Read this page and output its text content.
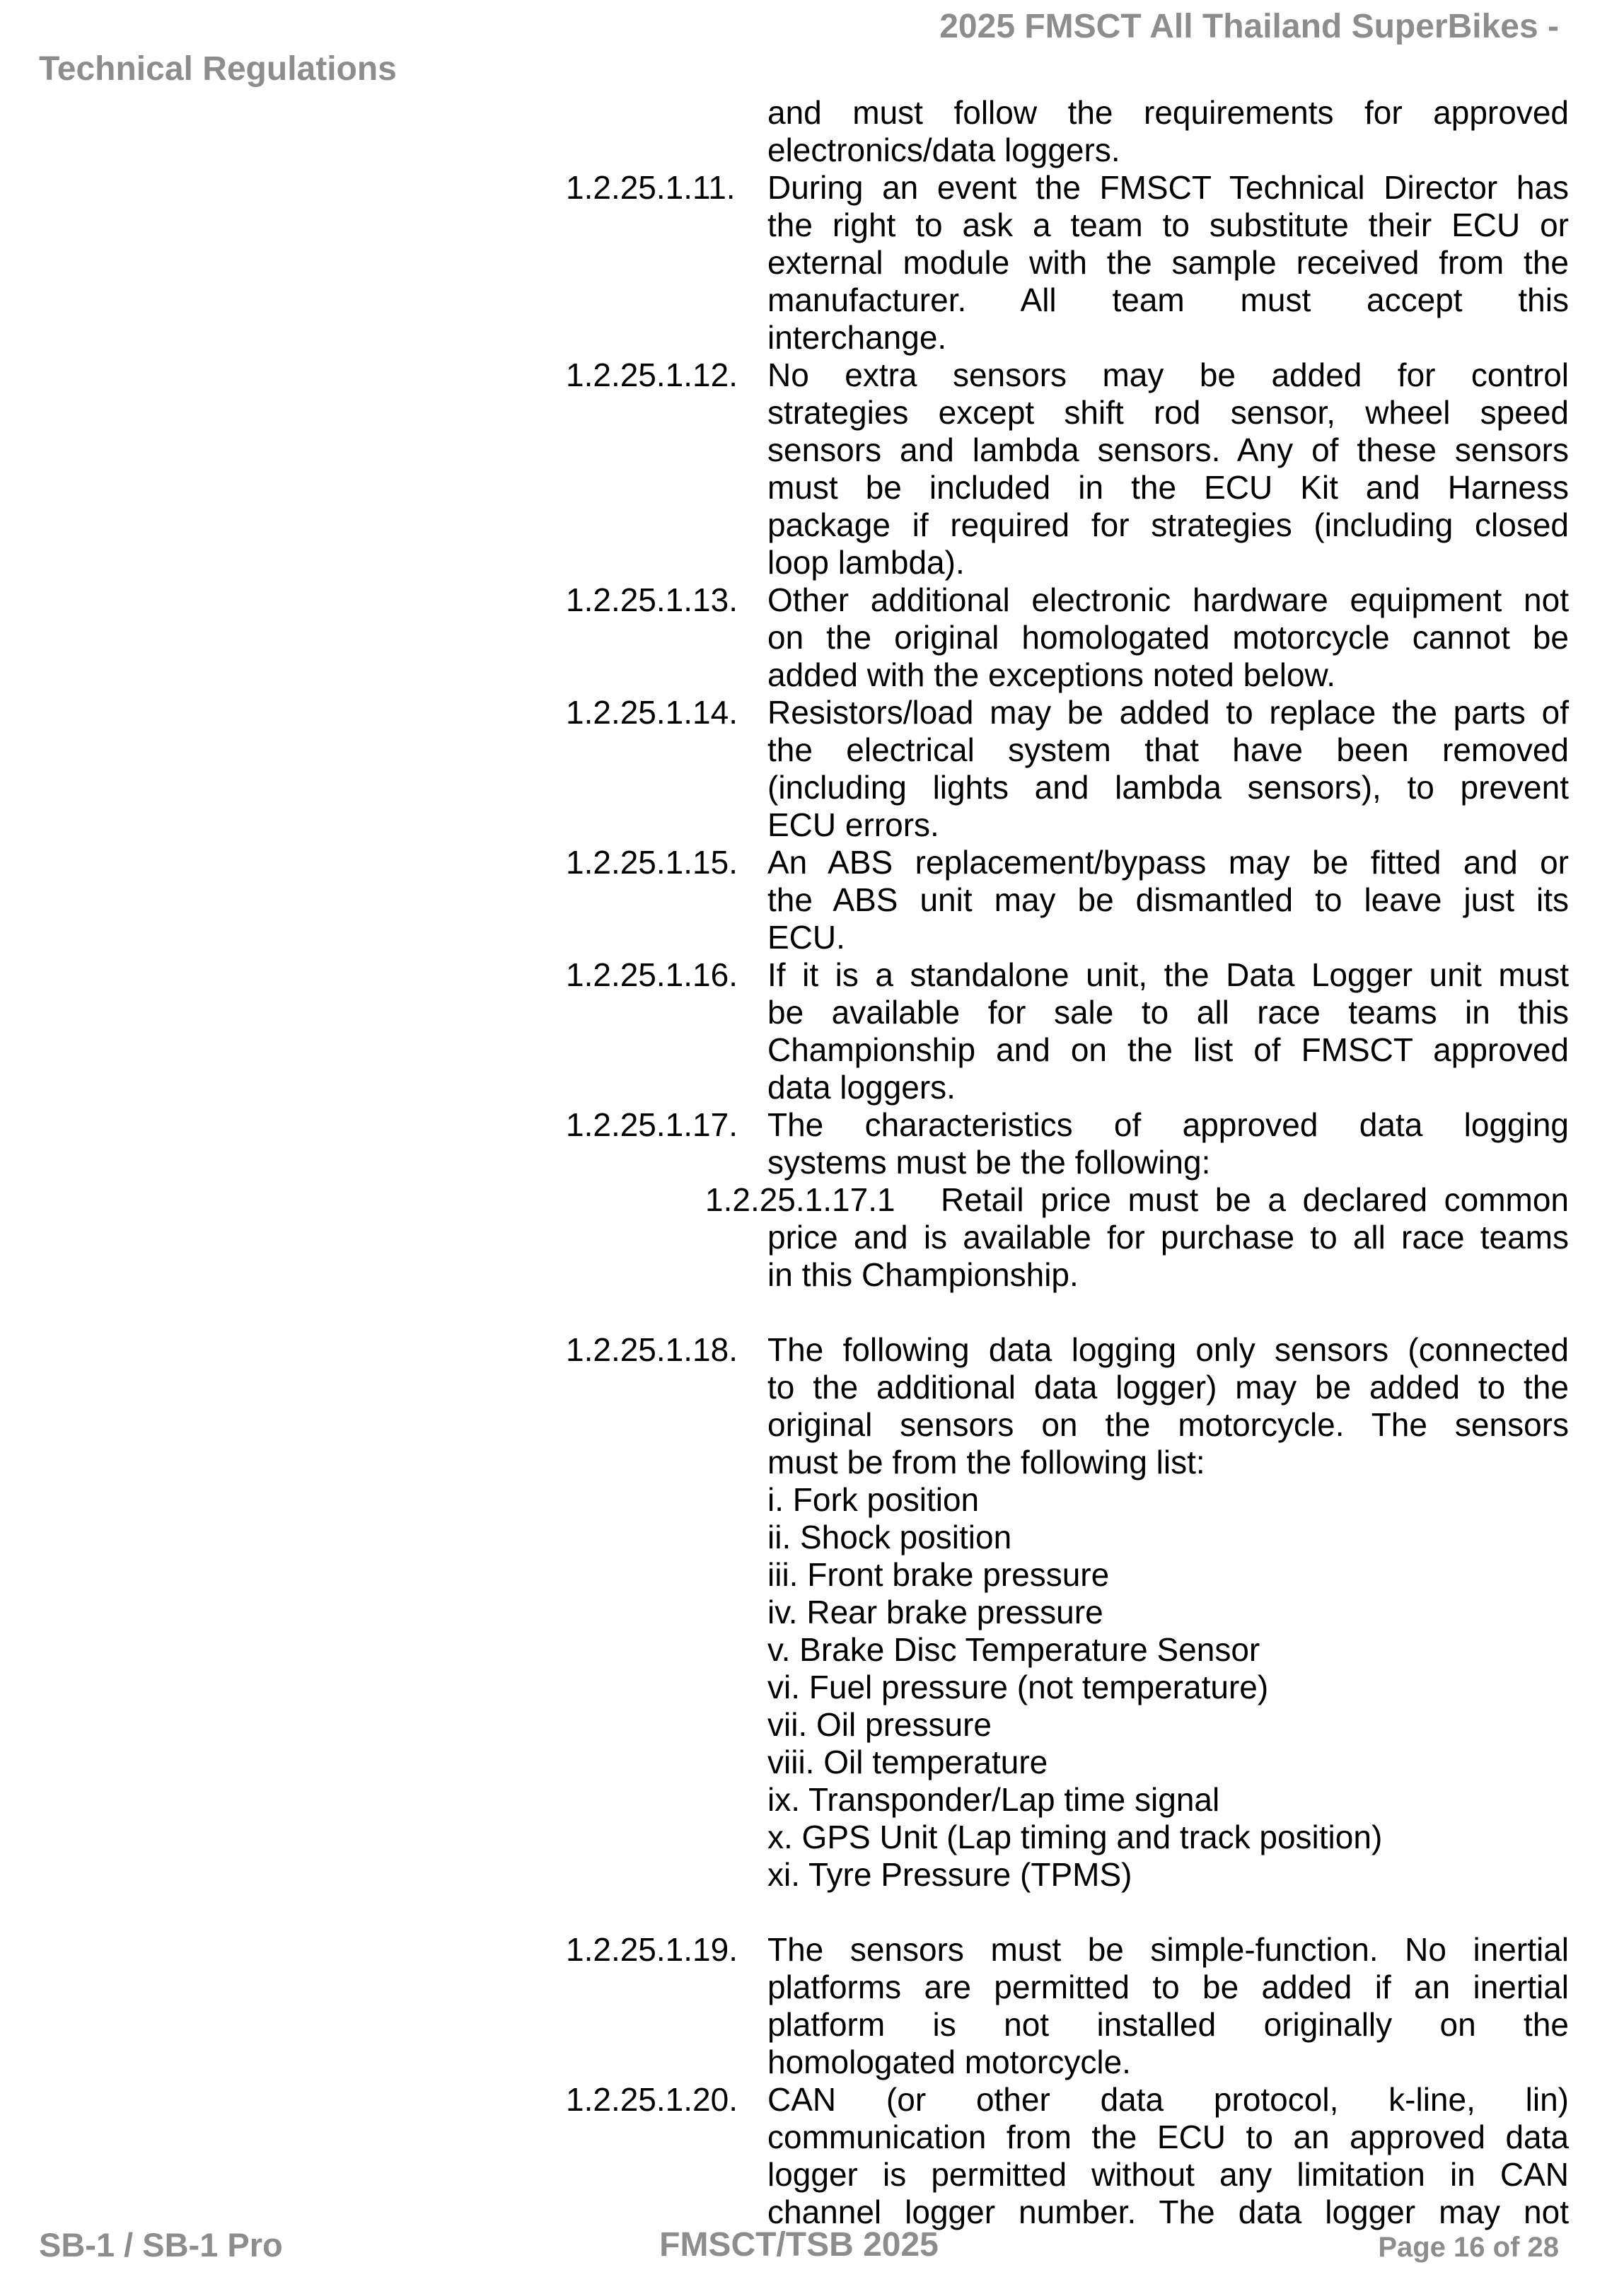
2025 FMSCT All Thailand SuperBikes -
Technical Regulations
and must follow the requirements for approved
electronics/data loggers.
1.2.25.1.11. During an event the FMSCT Technical Director has
the right to ask a team to substitute their ECU or
external module with the sample received from the
manufacturer. All team must accept this
interchange.
1.2.25.1.12. No extra sensors may be added for control
strategies except shift rod sensor, wheel speed
sensors and lambda sensors. Any of these sensors
must be included in the ECU Kit and Harness
package if required for strategies (including closed
loop lambda).
1.2.25.1.13. Other additional electronic hardware equipment not
on the original homologated motorcycle cannot be
added with the exceptions noted below.
1.2.25.1.14. Resistors/load may be added to replace the parts of
the electrical system that have been removed
(including lights and lambda sensors), to prevent
ECU errors.
1.2.25.1.15. An ABS replacement/bypass may be fitted and or
the ABS unit may be dismantled to leave just its
ECU.
1.2.25.1.16. If it is a standalone unit, the Data Logger unit must
be available for sale to all race teams in this
Championship and on the list of FMSCT approved
data loggers.
1.2.25.1.17. The characteristics of approved data logging
systems must be the following:
1.2.25.1.17.1	Retail price must be a declared common
price and is available for purchase to all race teams
in this Championship.
1.2.25.1.18. The following data logging only sensors (connected
to the additional data logger) may be added to the
original sensors on the motorcycle. The sensors
must be from the following list:
i. Fork position
ii. Shock position
iii. Front brake pressure
iv. Rear brake pressure
v. Brake Disc Temperature Sensor
vi. Fuel pressure (not temperature)
vii. Oil pressure
viii. Oil temperature
ix. Transponder/Lap time signal
x. GPS Unit (Lap timing and track position)
xi. Tyre Pressure (TPMS)
1.2.25.1.19. The sensors must be simple-function. No inertial
platforms are permitted to be added if an inertial
platform is not installed originally on the
homologated motorcycle.
1.2.25.1.20. CAN (or other data protocol, k-line, lin)
communication from the ECU to an approved data
logger is permitted without any limitation in CAN
channel logger number. The data logger may not
SB-1 / SB-1 Pro	FMSCT/TSB 2025	Page 16 of 28
